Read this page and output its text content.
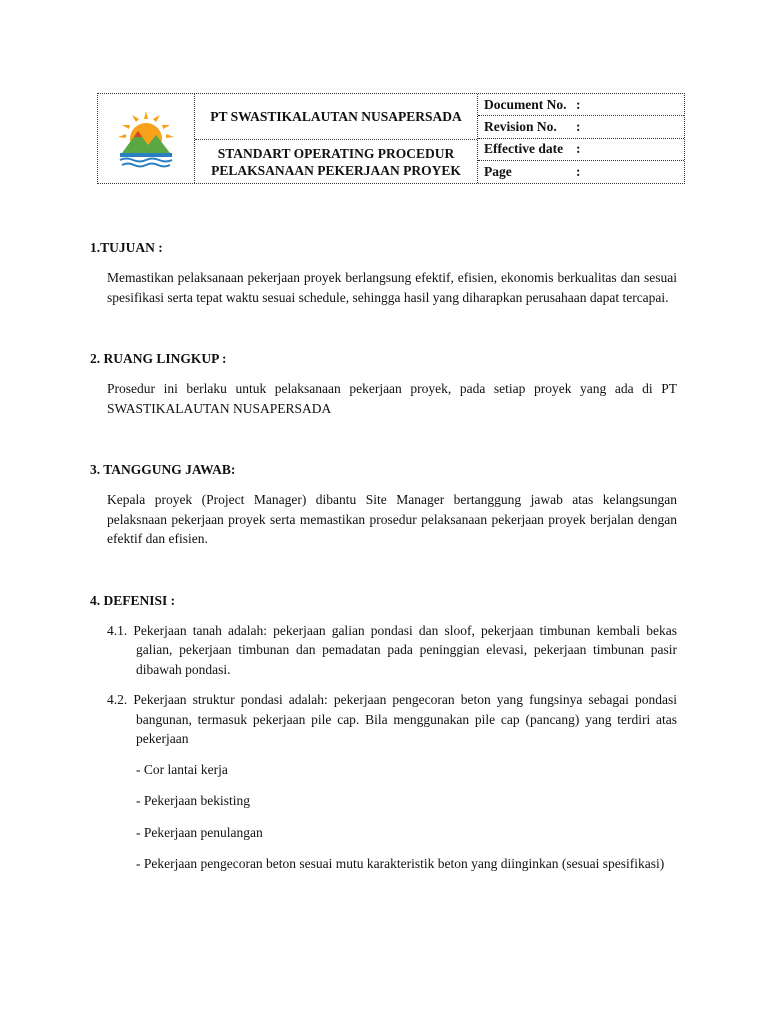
PT SWASTIKALAUTAN NUSAPERSADA
STANDART OPERATING PROCEDUR
PELAKSANAAN PEKERJAAN PROYEK
Document No. :
Revision No.	:
Effective date :
Page	:

1.TUJUAN :

Memastikan pelaksanaan pekerjaan proyek berlangsung efektif, efisien, ekonomis berkualitas dan sesuai spesifikasi serta tepat waktu sesuai schedule, sehingga hasil yang diharapkan perusahaan dapat tercapai.

2. RUANG LINGKUP :

Prosedur ini berlaku untuk pelaksanaan pekerjaan proyek, pada setiap proyek yang ada di PT SWASTIKALAUTAN NUSAPERSADA

3. TANGGUNG JAWAB:

Kepala proyek (Project Manager) dibantu Site Manager bertanggung jawab atas kelangsungan pelaksnaan pekerjaan proyek serta memastikan prosedur pelaksanaan pekerjaan proyek berjalan dengan efektif dan efisien.

4. DEFENISI :

4.1. Pekerjaan tanah adalah: pekerjaan galian pondasi dan sloof, pekerjaan timbunan kembali bekas galian, pekerjaan timbunan dan pemadatan pada peninggian elevasi, pekerjaan timbunan pasir dibawah pondasi.

4.2. Pekerjaan struktur pondasi adalah: pekerjaan pengecoran beton yang fungsinya sebagai pondasi bangunan, termasuk pekerjaan pile cap. Bila menggunakan pile cap (pancang) yang terdiri atas pekerjaan

- Cor lantai kerja

- Pekerjaan bekisting

- Pekerjaan penulangan

- Pekerjaan pengecoran beton sesuai mutu karakteristik beton yang diinginkan (sesuai spesifikasi)
